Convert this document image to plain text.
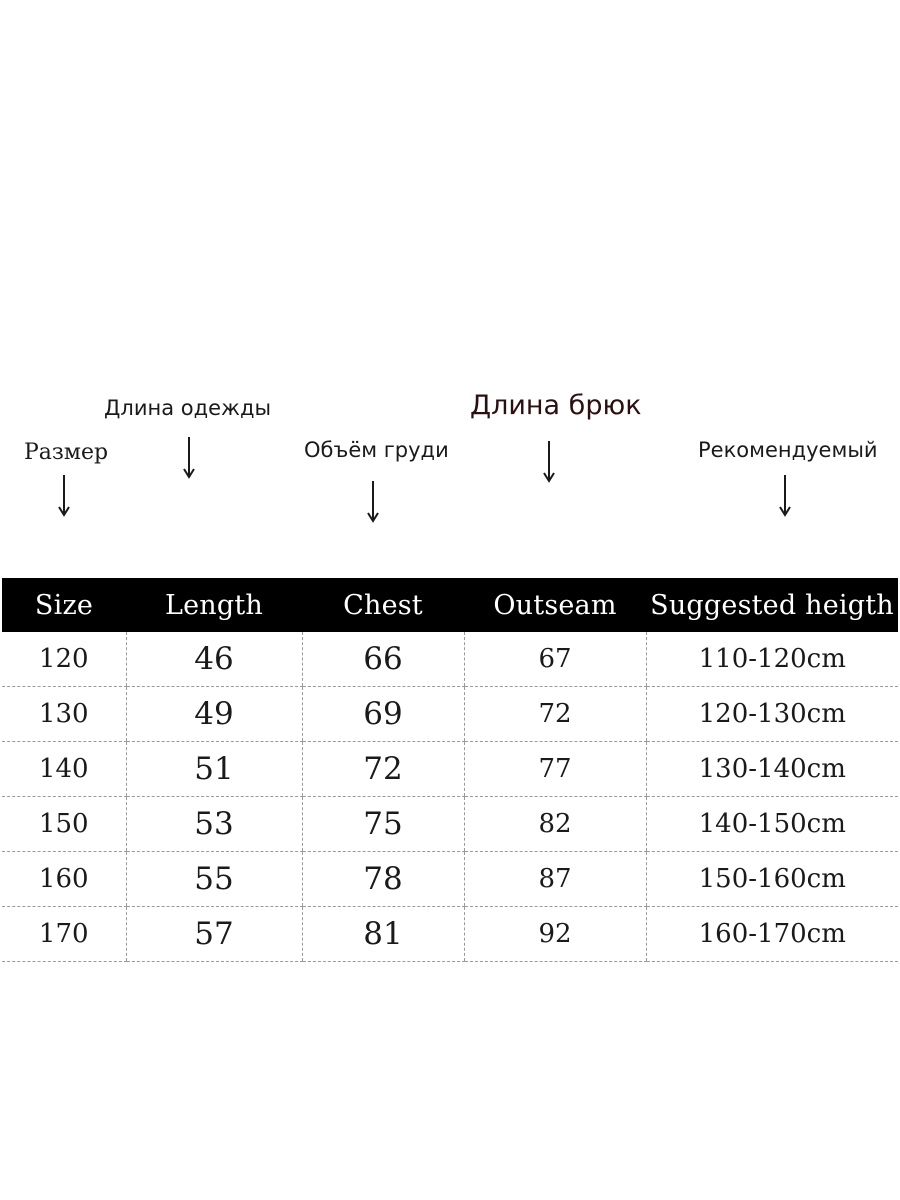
Размер
Длина одежды
Объём груди
Длина брюк
Рекомендуемый
Size	Length	Chest	Outseam	Suggested heigth
120	46	66	67	110-120cm
130	49	69	72	120-130cm
140	51	72	77	130-140cm
150	53	75	82	140-150cm
160	55	78	87	150-160cm
170	57	81	92	160-170cm
